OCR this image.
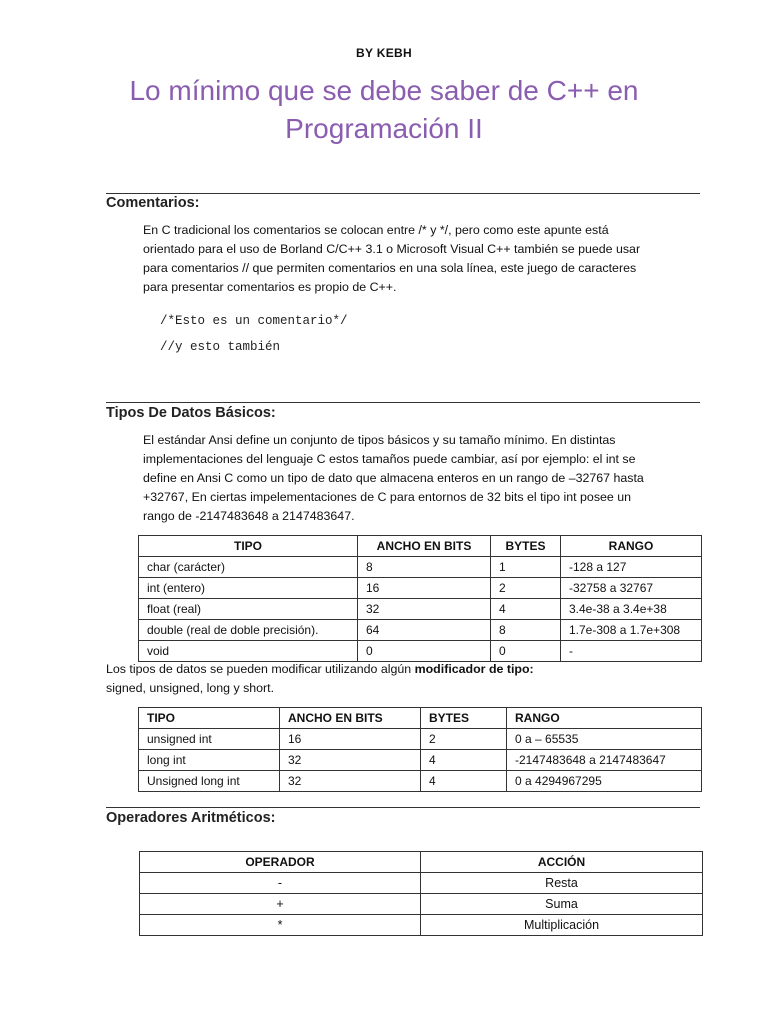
BY KEBH
Lo mínimo que se debe saber de C++ en
Programación II
Comentarios:
En C tradicional los comentarios se colocan entre /* y */, pero como este apunte está
orientado para el uso de Borland C/C++ 3.1 o Microsoft Visual C++ también se puede usar
para comentarios // que permiten comentarios en una sola línea, este juego de caracteres
para presentar comentarios es propio de C++.
/*Esto es un comentario*/
//y esto también
Tipos De Datos Básicos:
El estándar Ansi define un conjunto de tipos básicos y su tamaño mínimo. En distintas
implementaciones del lenguaje C estos tamaños puede cambiar, así por ejemplo: el int se
define en Ansi C como un tipo de dato que almacena enteros en un rango de –32767 hasta
+32767, En ciertas impelementaciones de C para entornos de 32 bits el tipo int posee un
rango de -2147483648 a 2147483647.
TIPO	ANCHO EN BITS	BYTES	RANGO
char (carácter)	8	1	-128 a 127
int (entero)	16	2	-32758 a 32767
float (real)	32	4	3.4e-38 a 3.4e+38
double (real de doble precisión).	64	8	1.7e-308 a 1.7e+308
void	0	0	-
Los tipos de datos se pueden modificar utilizando algún modificador de tipo:
signed, unsigned, long y short.
TIPO	ANCHO EN BITS	BYTES	RANGO
unsigned int	16	2	0 a – 65535
long int	32	4	-2147483648 a 2147483647
Unsigned long int	32	4	0 a 4294967295
Operadores Aritméticos:
OPERADOR	ACCIÓN
-	Resta
+	Suma
*	Multiplicación
